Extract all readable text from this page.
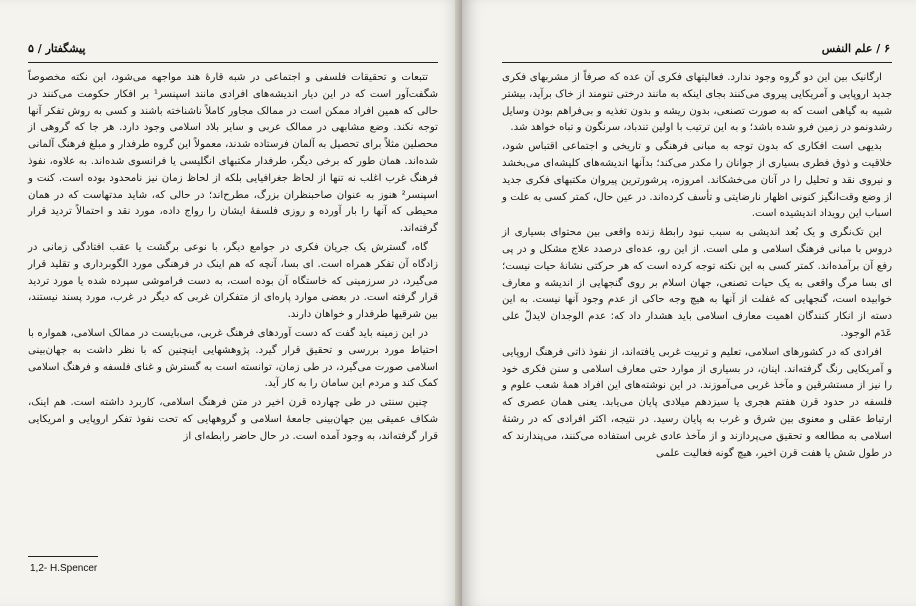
پیشگفتار / ۵

تتبعات و تحقیقات فلسفی و اجتماعی در شبه قارهٔ هند مواجهه می‌شود، این نکته مخصوصاً شگفت‌آور است که در این دیار اندیشه‌های افرادی مانند اسپنسر¹ بر افکار حکومت می‌کنند در حالی که همین افراد ممکن است در ممالک مجاور کاملاً ناشناخته باشند و کسی به روش تفکر آنها توجه نکند. وضع مشابهی در ممالک عربی و سایر بلاد اسلامی وجود دارد. هر جا که گروهی از محصلین مثلاً برای تحصیل به آلمان فرستاده شدند، معمولاً این گروه طرفدار و مبلغ فرهنگ آلمانی شده‌اند. همان طور که برخی دیگر، طرفدار مکتبهای انگلیسی یا فرانسوی شده‌اند. به علاوه، نفوذ فرهنگ غرب اغلب نه تنها از لحاظ جغرافیایی بلکه از لحاظ زمان نیز نامحدود بوده است. کنت و اسپنسر² هنوز به عنوان صاحبنظران بزرگ، مطرح‌اند؛ در حالی که، شاید مدتهاست که در همان محیطی که آنها را بار آورده و روزی فلسفهٔ ایشان را رواج داده، مورد نقد و احتمالاً تردید قرار گرفته‌اند.

گاه، گسترش یک جریان فکری در جوامع دیگر، با نوعی برگشت یا عقب افتادگی زمانی در زادگاه آن تفکر همراه است. ای بسا، آنچه که هم اینک در فرهنگی مورد الگوبرداری و تقلید قرار می‌گیرد، در سرزمینی که خاستگاه آن بوده است، به دست فراموشی سپرده شده یا مورد تردید قرار گرفته است. در بعضی موارد پاره‌ای از متفکران غربی که دیگر در غرب، مورد پسند نیستند، بین شرقیها طرفدار و خواهان دارند.

در این زمینه باید گفت که دست آوردهای فرهنگ غربی، می‌بایست در ممالک اسلامی، همواره با احتیاط مورد بررسی و تحقیق قرار گیرد. پژوهشهایی اینچنین که با نظر داشت به جهان‌بینی اسلامی صورت می‌گیرد، در طی زمان، توانسته است به گسترش و غنای فلسفه و فرهنگ اسلامی کمک کند و مردم این سامان را به کار آید.

چنین سنتی در طی چهارده قرن اخیر در متن فرهنگ اسلامی، کاربرد داشته است. هم اینک، شکاف عمیقی بین جهان‌بینی جامعهٔ اسلامی و گروههایی که تحت نفوذ تفکر اروپایی و امریکایی قرار گرفته‌اند، به وجود آمده است. در حال حاضر رابطه‌ای از

1,2- H.Spencer
۶ / علم النفس

ارگانیک بین این دو گروه وجود ندارد. فعالیتهای فکری آن عده که صرفاً از مشربهای فکری جدید اروپایی و آمریکایی پیروی می‌کنند بجای اینکه به مانند درختی تنومند از خاک برآید، بیشتر شبیه به گیاهی است که به صورت تصنعی، بدون ریشه و بدون تغذیه و بی‌فراهم بودن وسایل رشدونمو در زمین فرو شده باشد؛ و به این ترتیب با اولین تندباد، سرنگون و تباه خواهد شد.

بدیهی است افکاری که بدون توجه به مبانی فرهنگی و تاریخی و اجتماعی اقتباس شود، خلاقیت و ذوق فطری بسیاری از جوانان را مکدر می‌کند؛ بدآنها اندیشه‌های کلیشه‌ای می‌بخشد و نیروی نقد و تحلیل را در آنان می‌خشکاند. امروزه، پرشورترین پیروان مکتبهای فکری جدید از وضع وقت‌انگیز کنونی اظهار نارضایتی و تأسف کرده‌اند. در عین حال، کمتر کسی به علت و اسباب این رویداد اندیشیده است.

این تک‌نگری و یک بُعد اندیشی به سبب نبود رابطهٔ زنده واقعی بین محتوای بسیاری از دروس با مبانی فرهنگ اسلامی و ملی است. از این رو، عده‌ای درصدد علاج مشکل و در پی رفع آن برآمده‌اند. کمتر کسی به این نکته توجه کرده است که هر حرکتی نشانهٔ حیات نیست؛ ای بسا مرگ واقعی به یک حیات تصنعی، جهان اسلام بر روی گنجهایی از اندیشه و معارف خوابیده است، گنجهایی که غفلت از آنها به هیچ وجه حاکی از عدم وجود آنها نیست. به این دسته از انکار کنندگان اهمیت معارف اسلامی باید هشدار داد که: عدم الوجدان لایدلّ علی عَدَم الوجود.

افرادی که در کشورهای اسلامی، تعلیم و تربیت غربی یافته‌اند، از نفوذ ذاتی فرهنگ اروپایی و آمریکایی رنگ گرفته‌اند. اینان، در بسیاری از موارد حتی معارف اسلامی و سنن فکری خود را نیز از مستشرقین و مآخذ غربی می‌آموزند. در این نوشته‌های این افراد همهٔ شعب علوم و فلسفه در حدود قرن هفتم هجری یا سیزدهم میلادی پایان می‌یابد. یعنی همان عصری که ارتباط عقلی و معنوی بین شرق و غرب به پایان رسید. در نتیجه، اکثر افرادی که در رشتهٔ اسلامی به مطالعه و تحقیق می‌پردازند و از مآخذ عادی غربی استفاده می‌کنند، می‌پندارند که در طول شش یا هفت قرن اخیر، هیچ گونه فعالیت علمی
